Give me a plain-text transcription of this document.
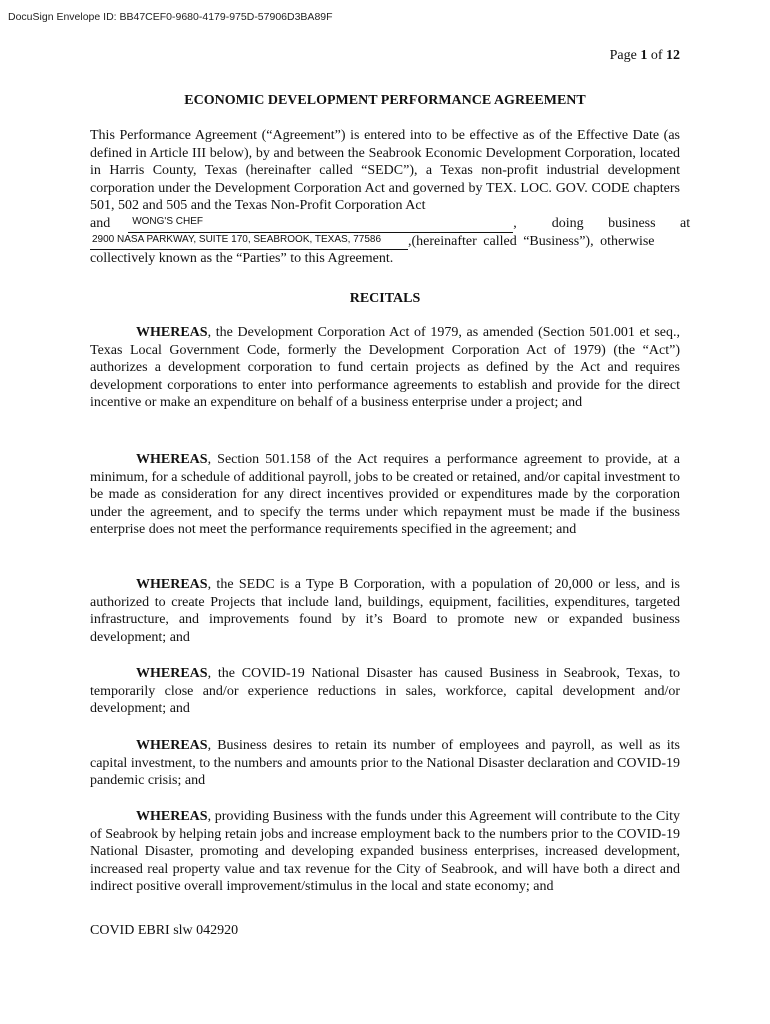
DocuSign Envelope ID: BB47CEF0-9680-4179-975D-57906D3BA89F
Page 1 of 12
ECONOMIC DEVELOPMENT PERFORMANCE AGREEMENT
This Performance Agreement (“Agreement”) is entered into to be effective as of the Effective Date (as defined in Article III below), by and between the Seabrook Economic Development Corporation, located in Harris County, Texas (hereinafter called “SEDC”), a Texas non-profit industrial development corporation under the Development Corporation Act and governed by TEX. LOC. GOV. CODE chapters 501, 502 and 505 and the Texas Non-Profit Corporation Act
and WONG'S CHEF	,          doing       business       at
2900 NASA PARKWAY, SUITE 170, SEABROOK, TEXAS, 77586 ,(hereinafter called “Business”), otherwise
collectively known as the “Parties” to this Agreement.
RECITALS
WHEREAS, the Development Corporation Act of 1979, as amended (Section 501.001 et seq., Texas Local Government Code, formerly the Development Corporation Act of 1979) (the “Act”) authorizes a development corporation to fund certain projects as defined by the Act and requires development corporations to enter into performance agreements to establish and provide for the direct incentive or make an expenditure on behalf of a business enterprise under a project; and
WHEREAS, Section 501.158 of the Act requires a performance agreement to provide, at a minimum, for a schedule of additional payroll, jobs to be created or retained, and/or capital investment to be made as consideration for any direct incentives provided or expenditures made by the corporation under the agreement, and to specify the terms under which repayment must be made if the business enterprise does not meet the performance requirements specified in the agreement; and
WHEREAS, the SEDC is a Type B Corporation, with a population of 20,000 or less, and is authorized to create Projects that include land, buildings, equipment, facilities, expenditures, targeted infrastructure, and improvements found by it’s Board to promote new or expanded business development; and
WHEREAS, the COVID-19 National Disaster has caused Business in Seabrook, Texas, to temporarily close and/or experience reductions in sales, workforce, capital development and/or development; and
WHEREAS, Business desires to retain its number of employees and payroll, as well as its capital investment, to the numbers and amounts prior to the National Disaster declaration and COVID-19 pandemic crisis; and
WHEREAS, providing Business with the funds under this Agreement will contribute to the City of Seabrook by helping retain jobs and increase employment back to the numbers prior to the COVID-19 National Disaster, promoting and developing expanded business enterprises, increased development, increased real property value and tax revenue for the City of Seabrook, and will have both a direct and indirect positive overall improvement/stimulus in the local and state economy; and
COVID EBRI slw 042920
